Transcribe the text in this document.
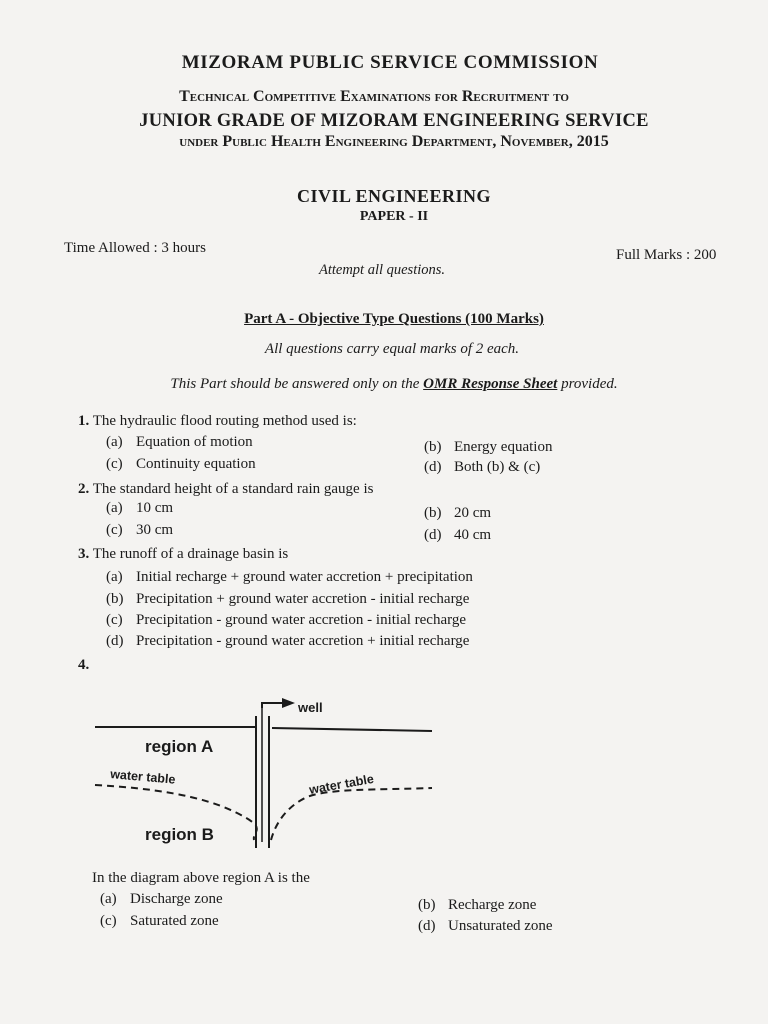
MIZORAM PUBLIC SERVICE COMMISSION
Technical Competitive Examinations for Recruitment to
JUNIOR GRADE OF MIZORAM ENGINEERING SERVICE
under Public Health Engineering Department, November, 2015
CIVIL ENGINEERING
PAPER - II
Time Allowed : 3 hours	Full Marks : 200
Attempt all questions.
Part A - Objective Type Questions (100 Marks)
All questions carry equal marks of 2 each.
This Part should be answered only on the OMR Response Sheet provided.
1. The hydraulic flood routing method used is:
(a) Equation of motion	(b) Energy equation
(c) Continuity equation	(d) Both (b) & (c)
2. The standard height of a standard rain gauge is
(a) 10 cm	(b) 20 cm
(c) 30 cm	(d) 40 cm
3. The runoff of a drainage basin is
(a) Initial recharge + ground water accretion + precipitation
(b) Precipitation + ground water accretion - initial recharge
(c) Precipitation - ground water accretion - initial recharge
(d) Precipitation - ground water accretion + initial recharge
4.
well
region A
region B
water table	water table
In the diagram above region A is the
(a) Discharge zone	(b) Recharge zone
(c) Saturated zone	(d) Unsaturated zone
